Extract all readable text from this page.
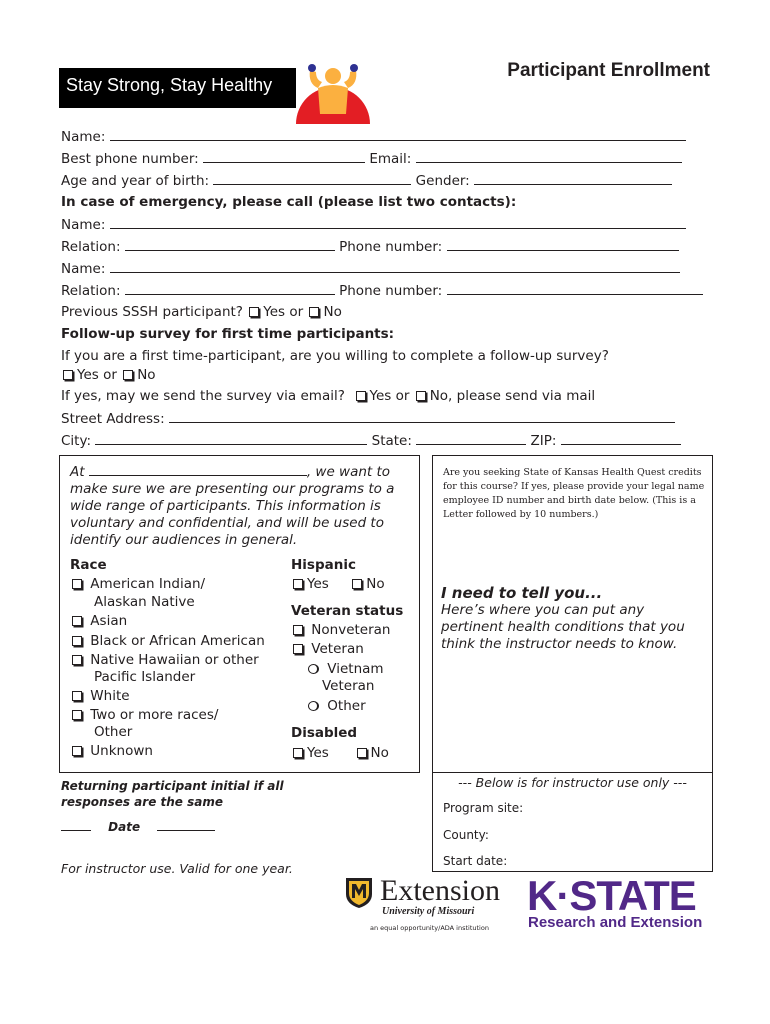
Stay Strong, Stay Healthy
Participant Enrollment
Name:
Best phone number:	Email:
Age and year of birth:	Gender:
In case of emergency, please call (please list two contacts):
Name:
Relation:	Phone number:
Name:
Relation:	Phone number:
Previous SSSH participant? Yes or No
Follow-up survey for first time participants:
If you are a first time-participant, are you willing to complete a follow-up survey?
Yes or No
If yes, may we send the survey via email? Yes or No, please send via mail
Street Address:
City:	State:	ZIP:
At	, we want to make sure we are presenting our programs to a wide range of participants. This information is voluntary and confidential, and will be used to identify our audiences in general.
Race
American Indian/
Alaskan Native
Asian
Black or African American
Native Hawaiian or other
Pacific Islander
White
Two or more races/
Other
Unknown
Hispanic
Yes	No
Veteran status
Nonveteran
Veteran
Vietnam
Veteran
Other
Disabled
Yes	No
Are you seeking State of Kansas Health Quest credits for this course? If yes, please provide your legal name employee ID number and birth date below. (This is a Letter followed by 10 numbers.)
I need to tell you...
Here’s where you can put any pertinent health conditions that you think the instructor needs to know.
--- Below is for instructor use only ---
Program site:
County:
Start date:
Returning participant initial if all responses are the same
Date
For instructor use. Valid for one year.
Extension
University of Missouri
an equal opportunity/ADA institution
K·STATE
Research and Extension
